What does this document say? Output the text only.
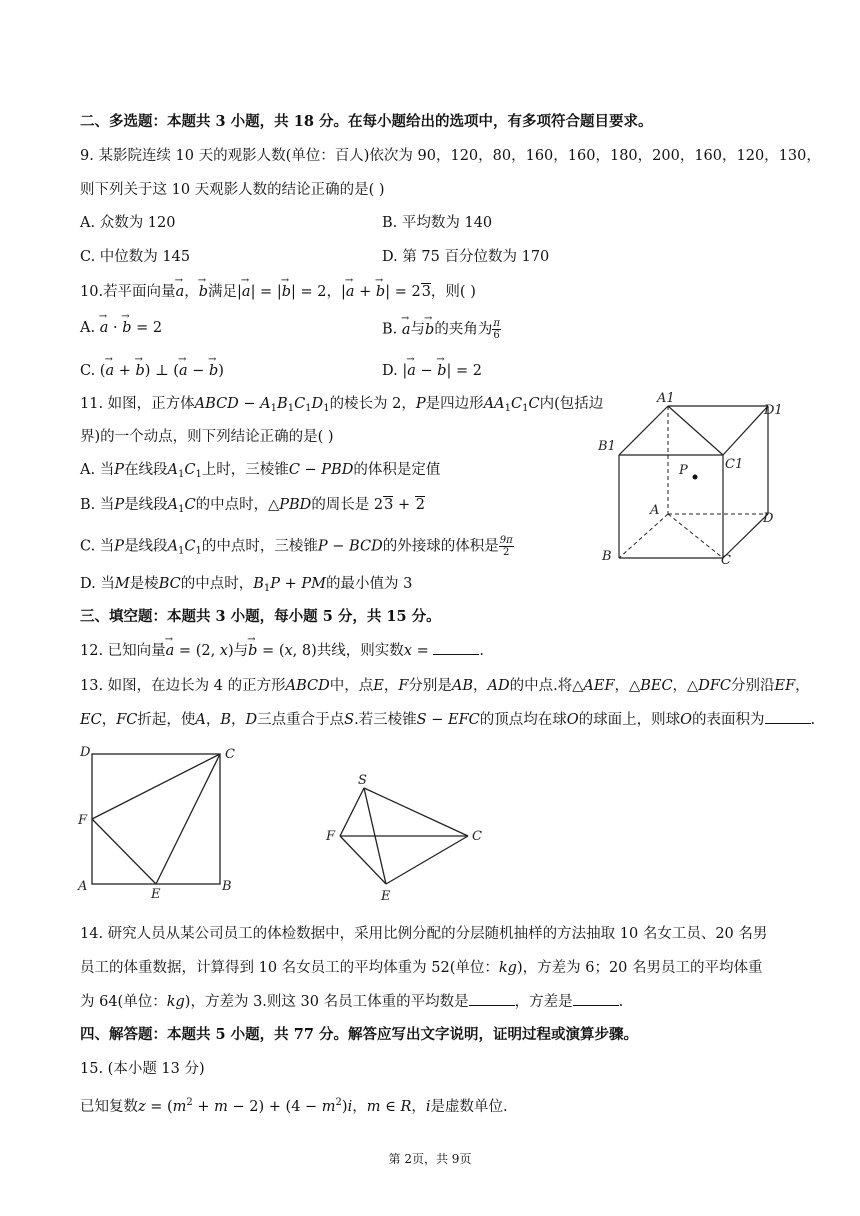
二、多选题：本题共 3 小题，共 18 分。在每小题给出的选项中，有多项符合题目要求。
9. 某影院连续 10 天的观影人数(单位：百人)依次为 90，120，80，160，160，180，200，160，120，130，
则下列关于这 10 天观影人数的结论正确的是( )
A. 众数为 120	B. 平均数为 140
C. 中位数为 145	D. 第 75 百分位数为 170
10.若平面向量→ a，→ b满足|→ a| = |→ b| = 2，|→ a + → b| = 23，则( )
A. → a · → b = 2	B. → a与→ b的夹角为 $\frac{\pi}{6}$
C. (→ a + → b) ⊥ (→ a − → b)	D. |→ a − → b| = 2
11. 如图，正方体ABCD − $A_1B_1C_1D_1$的棱长为 2，P是四边形$AA_1C_1C$内(包括边
界)的一个动点，则下列结论正确的是( )
A. 当P在线段$A_1C_1$上时，三棱锥C − PBD的体积是定值
B. 当P是线段$A_1C$的中点时，△PBD的周长是 23 + 2
C. 当P是线段$A_1C_1$的中点时，三棱锥P − BCD的外接球的体积是 $\frac{9\pi}{2}$
D. 当M是棱BC的中点时，$B_1P$ + PM的最小值为 3
A1
D1
B1
C1
P
A
D
B	C
三、填空题：本题共 3 小题，每小题 5 分，共 15 分。
12. 已知向量→ a = (2, x)与→ b = (x, 8)共线，则实数x =	.
13. 如图，在边长为 4 的正方形ABCD中，点E，F分别是AB，AD的中点.将△AEF，△BEC，△DFC分别沿EF，
EC，FC折起，使A，B，D三点重合于点S.若三棱锥S − EFC的顶点均在球O的球面上，则球O的表面积为	.
D	C
F
A
E
B
S
F	C
E
14. 研究人员从某公司员工的体检数据中，采用比例分配的分层随机抽样的方法抽取 10 名女工员、20 名男
员工的体重数据，计算得到 10 名女员工的平均体重为 52(单位：kg)，方差为 6；20 名男员工的平均体重
为 64(单位：kg)，方差为 3.则这 30 名员工体重的平均数是	，方差是	.
四、解答题：本题共 5 小题，共 77 分。解答应写出文字说明，证明过程或演算步骤。
15. (本小题 13 分)
已知复数$z = (m^2 + m - 2) + (4 - m^2)i$，m ∈ R，i是虚数单位.
第 2页，共 9页
